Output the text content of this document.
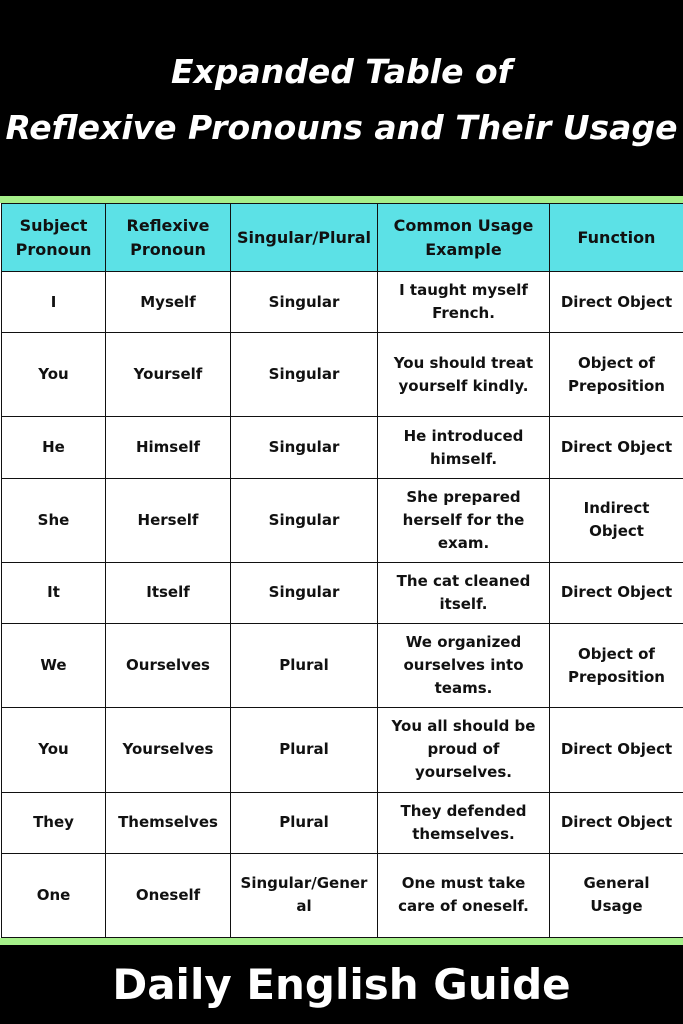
Expanded Table of
Reflexive Pronouns and Their Usage
Subject Pronoun	Reflexive Pronoun	Singular/Plural	Common Usage Example	Function
I	Myself	Singular	I taught myself French.	Direct Object
You	Yourself	Singular	You should treat yourself kindly.	Object of Preposition
He	Himself	Singular	He introduced himself.	Direct Object
She	Herself	Singular	She prepared herself for the exam.	Indirect Object
It	Itself	Singular	The cat cleaned itself.	Direct Object
We	Ourselves	Plural	We organized ourselves into teams.	Object of Preposition
You	Yourselves	Plural	You all should be proud of yourselves.	Direct Object
They	Themselves	Plural	They defended themselves.	Direct Object
One	Oneself	Singular/General	One must take care of oneself.	General Usage
Daily English Guide
